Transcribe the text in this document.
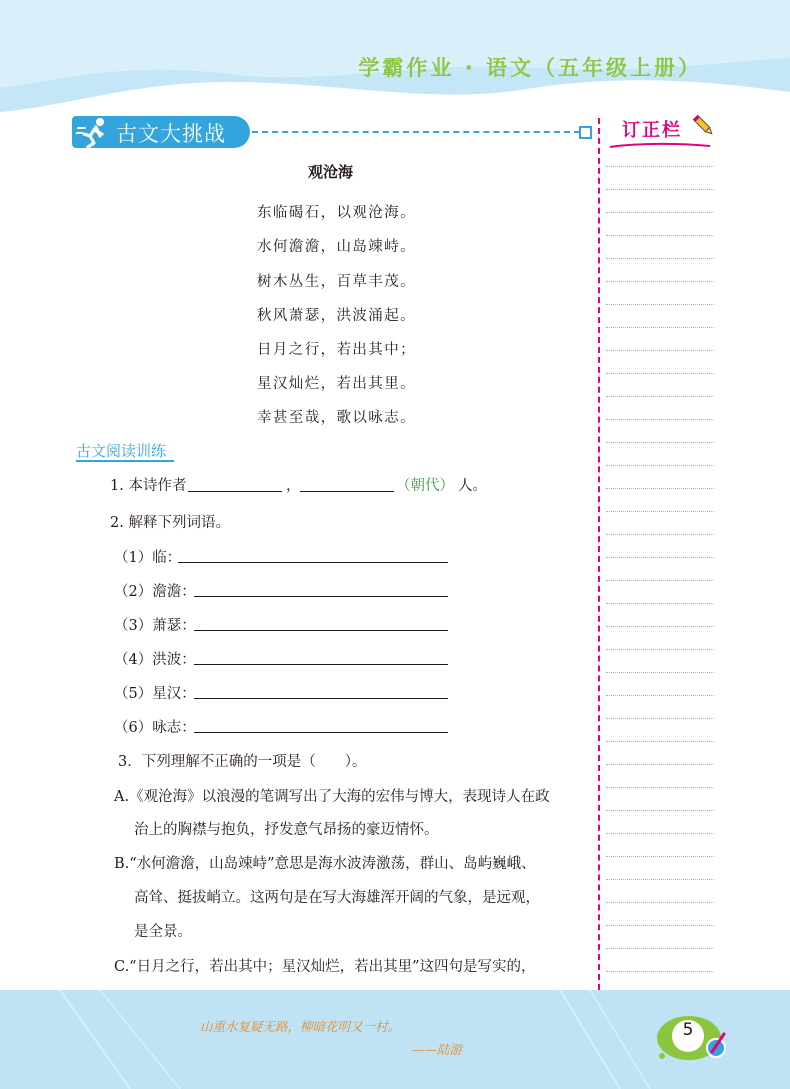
学霸作业 · 语文（五年级上册）
古文大挑战	订正栏
观沧海
东临碣石，以观沧海。
水何澹澹，山岛竦峙。
树木丛生，百草丰茂。
秋风萧瑟，洪波涌起。
日月之行，若出其中；
星汉灿烂，若出其里。
幸甚至哉，歌以咏志。
古文阅读训练
1. 本诗作者	，	（朝代） 人。
2. 解释下列词语。
（1）临：
（2）澹澹：
（3）萧瑟：
（4）洪波：
（5）星汉：
（6）咏志：
3．下列理解不正确的一项是（　　）。
A.《观沧海》以浪漫的笔调写出了大海的宏伟与博大，表现诗人在政
治上的胸襟与抱负，抒发意气昂扬的豪迈情怀。
B.“水何澹澹，山岛竦峙”意思是海水波涛激荡，群山、岛屿巍峨、
高耸、挺拔峭立。这两句是在写大海雄浑开阔的气象，是远观，
是全景。
C.“日月之行，若出其中；星汉灿烂，若出其里”这四句是写实的，
山重水复疑无路，柳暗花明又一村。
——陆游
5
